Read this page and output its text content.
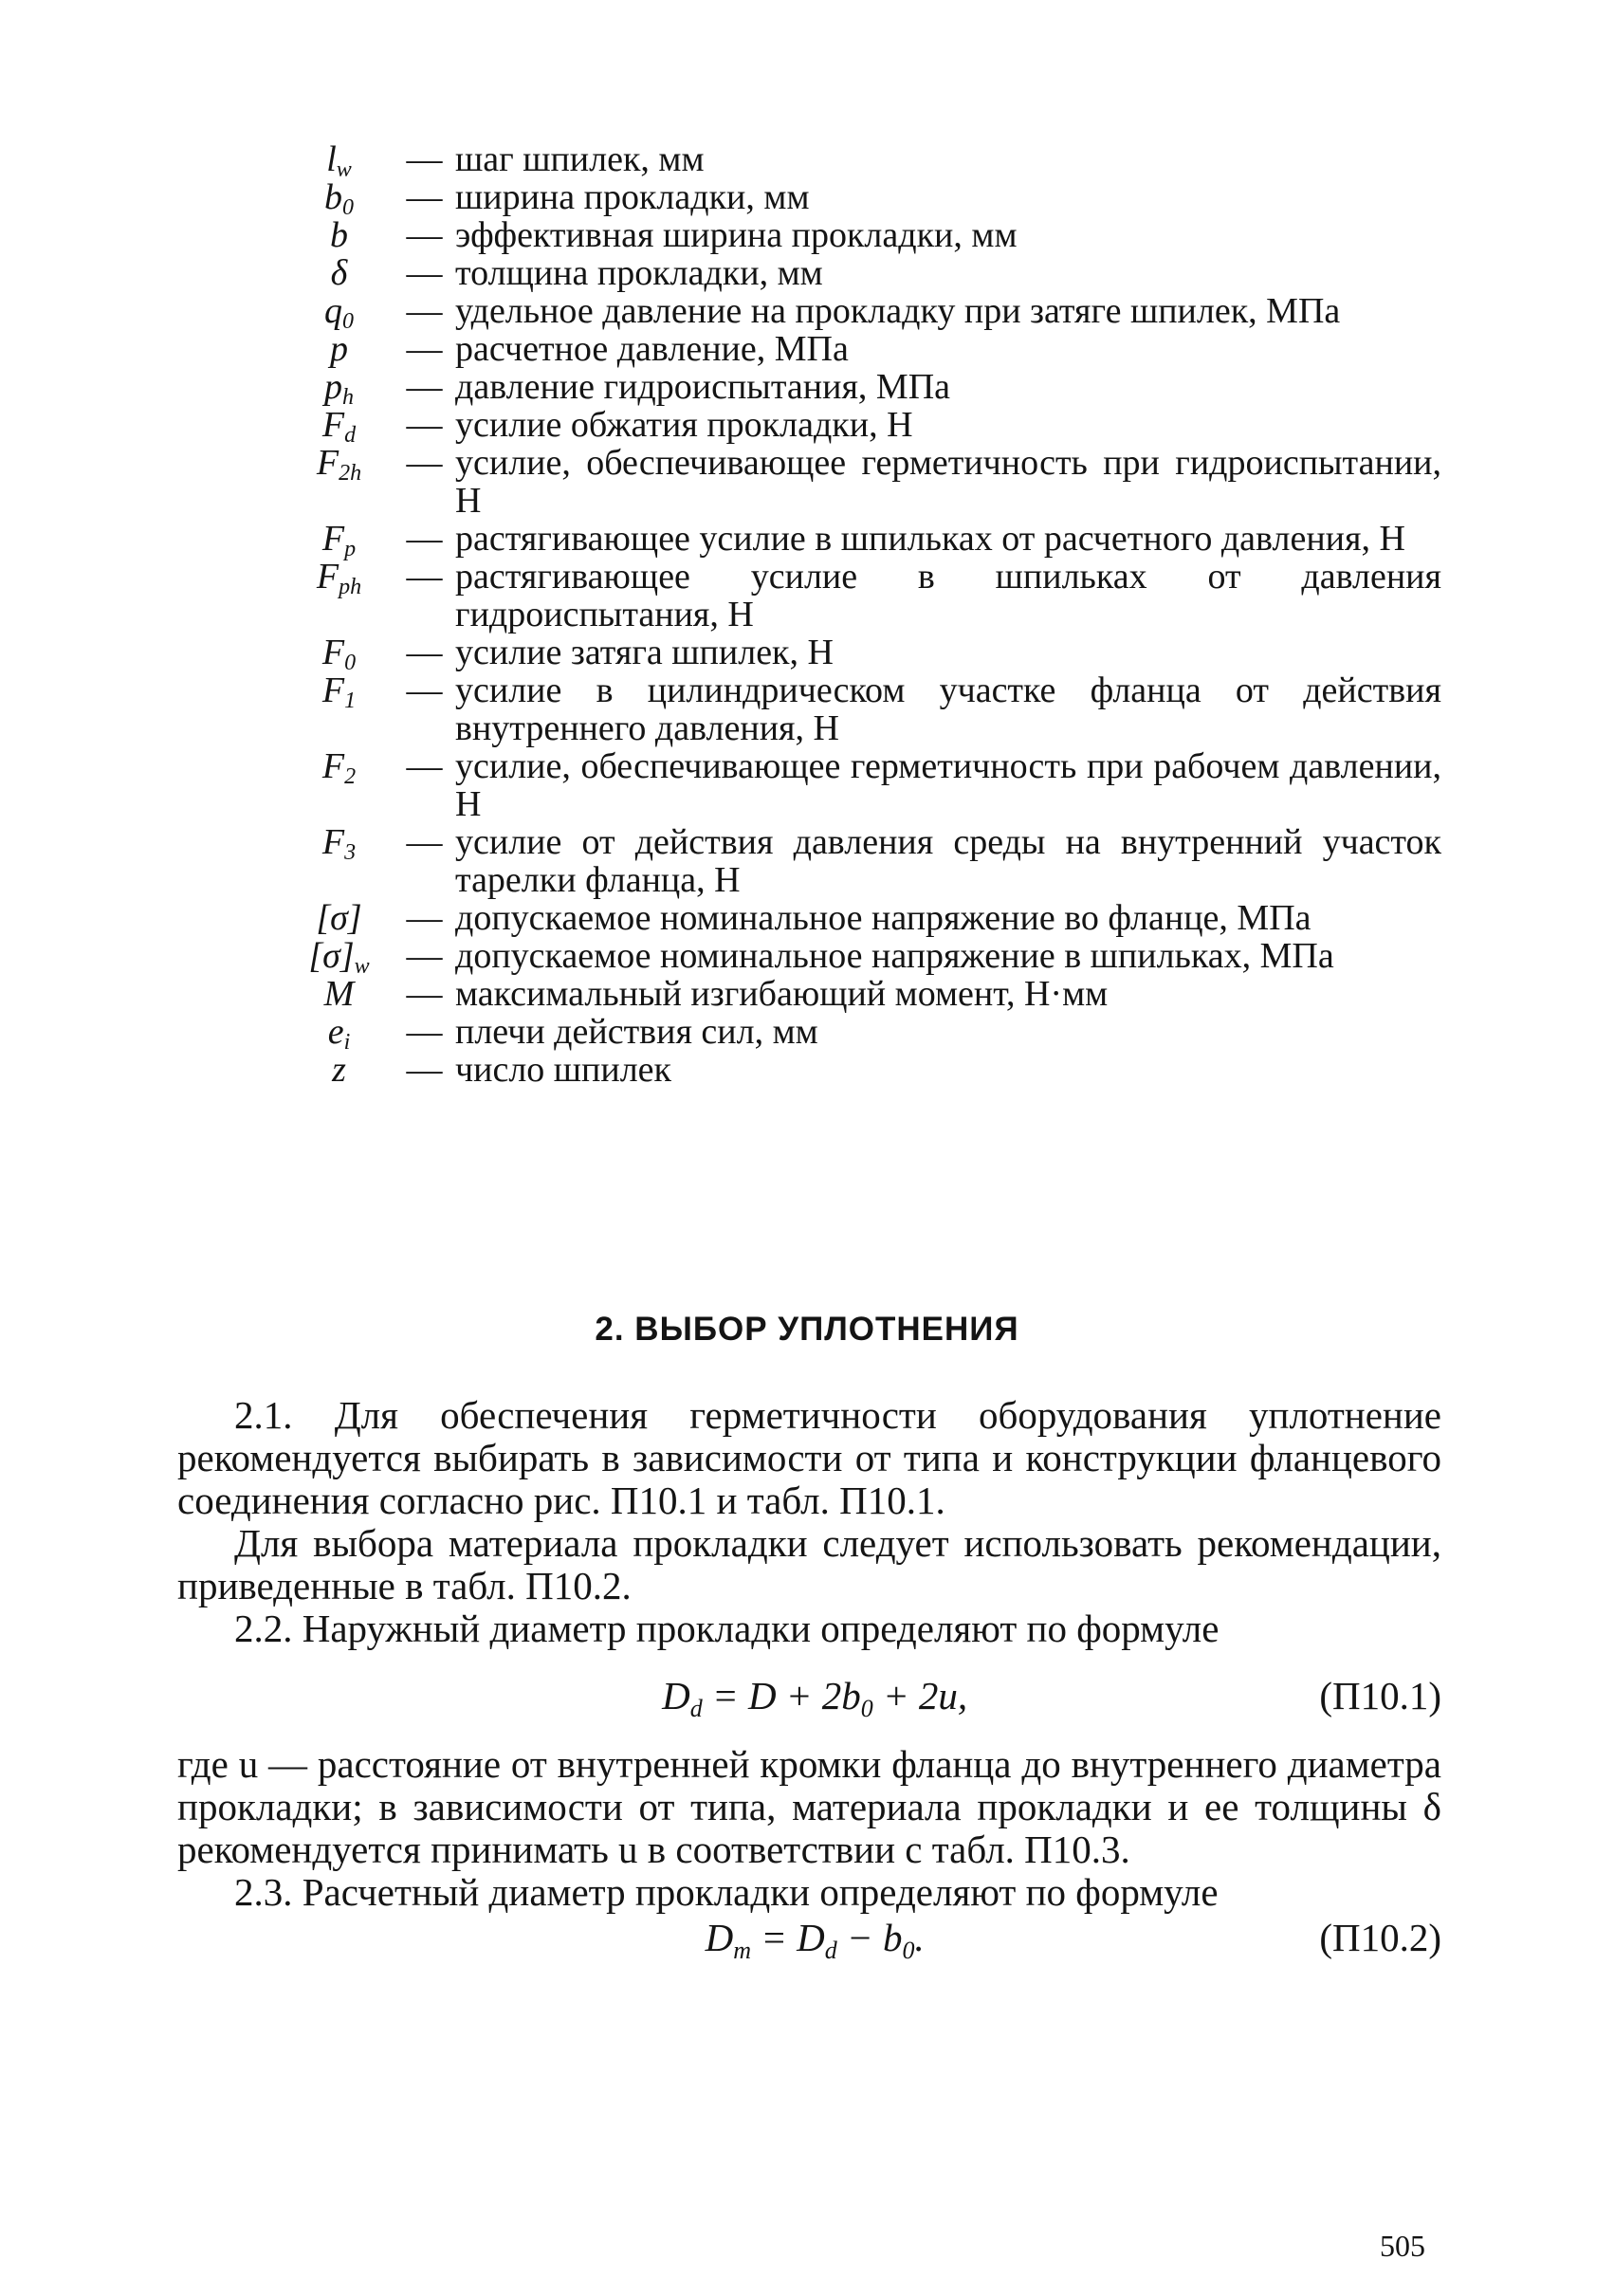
$l_w$	— шаг шпилек, мм
$b_0$	— ширина прокладки, мм
b	— эффективная ширина прокладки, мм
δ	— толщина прокладки, мм
$q_0$	— удельное давление на прокладку при затяге шпилек, МПа
p	— расчетное давление, МПа
$p_h$	— давление гидроиспытания, МПа
$F_d$	— усилие обжатия прокладки, Н
$F_{2h}$	— усилие, обеспечивающее герметичность при гидроиспытании, Н
$F_p$	— растягивающее усилие в шпильках от расчетного давления, Н
$F_{ph}$	— растягивающее усилие в шпильках от давления гидроиспытания, Н
$F_0$	— усилие затяга шпилек, Н
$F_1$	— усилие в цилиндрическом участке фланца от действия внутреннего давления, Н
$F_2$	— усилие, обеспечивающее герметичность при рабочем давлении, Н
$F_3$	— усилие от действия давления среды на внутренний участок тарелки фланца, Н
[σ]	— допускаемое номинальное напряжение во фланце, МПа
$[\sigma]_w$	— допускаемое номинальное напряжение в шпильках, МПа
M	— максимальный изгибающий момент, Н·мм
$e_i$	— плечи действия сил, мм
z	— число шпилек
2. ВЫБОР УПЛОТНЕНИЯ

2.1. Для обеспечения герметичности оборудования уплотнение рекомендуется выбирать в зависимости от типа и конструкции фланцевого соединения согласно рис. П10.1 и табл. П10.1.

Для выбора материала прокладки следует использовать рекомендации, приведенные в табл. П10.2.

2.2. Наружный диаметр прокладки определяют по формуле

$D_d = D + 2b_0 + 2u$,	(П10.1)

где u — расстояние от внутренней кромки фланца до внутреннего диаметра прокладки; в зависимости от типа, материала прокладки и ее толщины δ рекомендуется принимать u в соответствии с табл. П10.3.

2.3. Расчетный диаметр прокладки определяют по формуле

$D_m = D_d - b_0$.	(П10.2)
505
